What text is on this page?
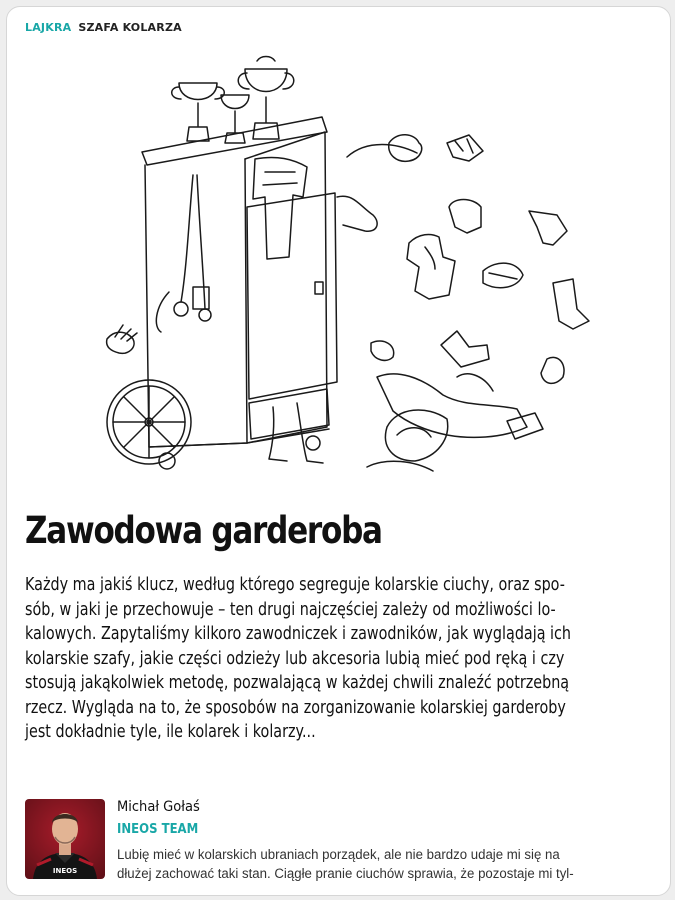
LAJKRA SZAFA KOLARZA
Zawodowa garderoba

Każdy ma jakiś klucz, według którego segreguje kolarskie ciuchy, oraz spo-
sób, w jaki je przechowuje – ten drugi najczęściej zależy od możliwości lo-
kalowych. Zapytaliśmy kilkoro zawodniczek i zawodników, jak wyglądają ich
kolarskie szafy, jakie części odzieży lub akcesoria lubią mieć pod ręką i czy
stosują jakąkolwiek metodę, pozwalającą w każdej chwili znaleźć potrzebną
rzecz. Wygląda na to, że sposobów na zorganizowanie kolarskiej garderoby
jest dokładnie tyle, ile kolarek i kolarzy...

INEOS
Michał Gołaś
INEOS TEAM

Lubię mieć w kolarskich ubraniach porządek, ale nie bardzo udaje mi się na
dłużej zachować taki stan. Ciągłe pranie ciuchów sprawia, że pozostaje mi tyl-
